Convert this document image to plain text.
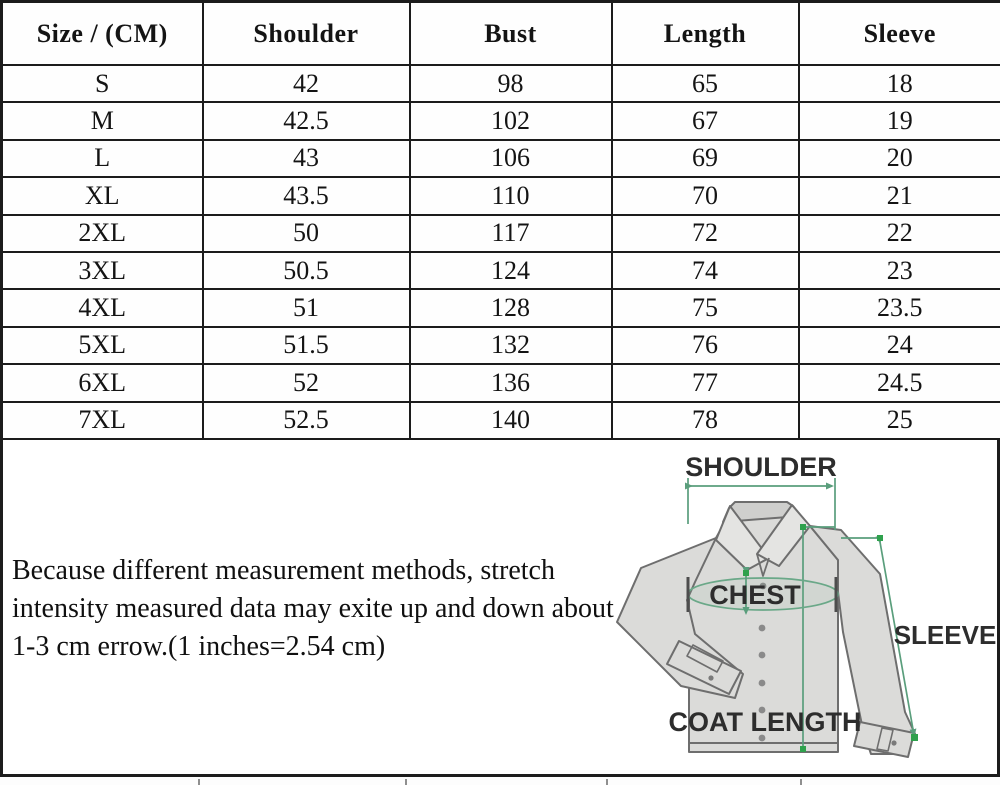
Size / (CM)	Shoulder	Bust	Length	Sleeve
S	42	98	65	18
M	42.5	102	67	19
L	43	106	69	20
XL	43.5	110	70	21
2XL	50	117	72	22
3XL	50.5	124	74	23
4XL	51	128	75	23.5
5XL	51.5	132	76	24
6XL	52	136	77	24.5
7XL	52.5	140	78	25

Because different measurement methods, stretch intensity measured data may exite up and down about 1-3 cm errow.(1 inches=2.54 cm)

SHOULDER
CHEST
COAT LENGTH
SLEEVE
